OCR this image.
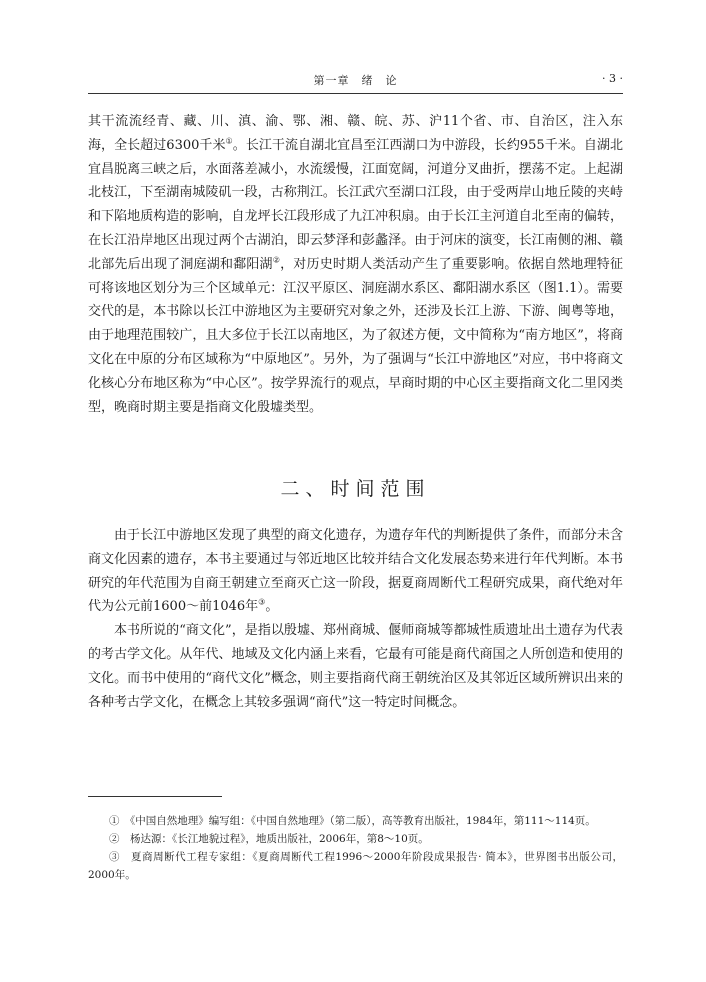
第一章　绪　论	· 3 ·

其干流流经青、藏、川、滇、渝、鄂、湘、赣、皖、苏、沪11个省、市、自治区，注入东海，全长超过6300千米①。长江干流自湖北宜昌至江西湖口为中游段，长约955千米。自湖北宜昌脱离三峡之后，水面落差减小，水流缓慢，江面宽阔，河道分叉曲折，摆荡不定。上起湖北枝江，下至湖南城陵矶一段，古称荆江。长江武穴至湖口江段，由于受两岸山地丘陵的夹峙和下陷地质构造的影响，自龙坪长江段形成了九江冲积扇。由于长江主河道自北至南的偏转，在长江沿岸地区出现过两个古湖泊，即云梦泽和彭蠡泽。由于河床的演变，长江南侧的湘、赣北部先后出现了洞庭湖和鄱阳湖②，对历史时期人类活动产生了重要影响。依据自然地理特征可将该地区划分为三个区域单元：江汉平原区、洞庭湖水系区、鄱阳湖水系区（图1.1）。需要交代的是，本书除以长江中游地区为主要研究对象之外，还涉及长江上游、下游、闽粤等地，由于地理范围较广，且大多位于长江以南地区，为了叙述方便，文中简称为“南方地区”，将商文化在中原的分布区域称为“中原地区”。另外，为了强调与“长江中游地区”对应，书中将商文化核心分布地区称为“中心区”。按学界流行的观点，早商时期的中心区主要指商文化二里冈类型，晚商时期主要是指商文化殷墟类型。

二、时间范围

由于长江中游地区发现了典型的商文化遗存，为遗存年代的判断提供了条件，而部分未含商文化因素的遗存，本书主要通过与邻近地区比较并结合文化发展态势来进行年代判断。本书研究的年代范围为自商王朝建立至商灭亡这一阶段，据夏商周断代工程研究成果，商代绝对年代为公元前1600～前1046年③。

本书所说的“商文化”，是指以殷墟、郑州商城、偃师商城等都城性质遗址出土遗存为代表的考古学文化。从年代、地域及文化内涵上来看，它最有可能是商代商国之人所创造和使用的文化。而书中使用的“商代文化”概念，则主要指商代商王朝统治区及其邻近区域所辨识出来的各种考古学文化，在概念上其较多强调“商代”这一特定时间概念。

①　《中国自然地理》编写组：《中国自然地理》（第二版），高等教育出版社，1984年，第111～114页。

②　杨达源：《长江地貌过程》，地质出版社，2006年，第8～10页。

③　夏商周断代工程专家组：《夏商周断代工程1996～2000年阶段成果报告· 简本》，世界图书出版公司，2000年。
